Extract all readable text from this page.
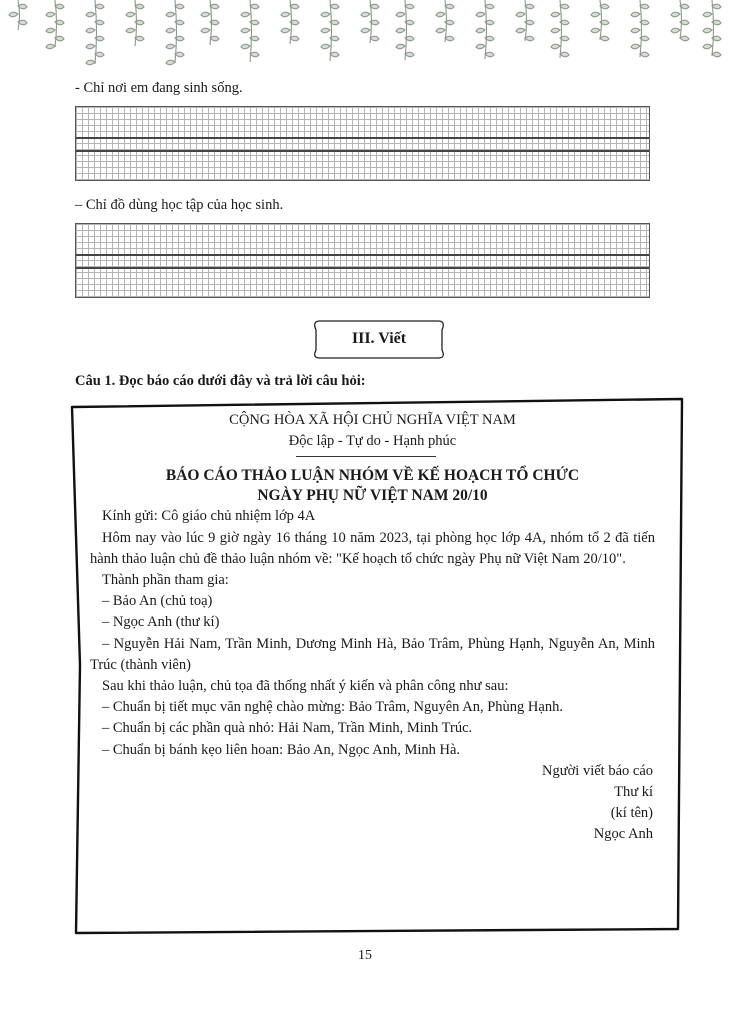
- Chỉ nơi em đang sinh sống.
– Chỉ đồ dùng học tập của học sinh.
III. Viết
Câu 1. Đọc báo cáo dưới đây và trả lời câu hỏi:
CỘNG HÒA XÃ HỘI CHỦ NGHĨA VIỆT NAM
Độc lập - Tự do - Hạnh phúc
BÁO CÁO THẢO LUẬN NHÓM VỀ KẾ HOẠCH TỔ CHỨC
NGÀY PHỤ NỮ VIỆT NAM 20/10
Kính gửi: Cô giáo chủ nhiệm lớp 4A
Hôm nay vào lúc 9 giờ ngày 16 tháng 10 năm 2023, tại phòng học lớp 4A, nhóm tổ 2 đã tiến hành thảo luận chủ đề thảo luận nhóm về: "Kế hoạch tổ chức ngày Phụ nữ Việt Nam 20/10".
Thành phần tham gia:
– Bảo An (chủ toạ)
– Ngọc Anh (thư kí)
– Nguyễn Hải Nam, Trần Minh, Dương Minh Hà, Bảo Trâm, Phùng Hạnh, Nguyễn An, Minh Trúc (thành viên)
Sau khi thảo luận, chủ tọa đã thống nhất ý kiến và phân công như sau:
– Chuẩn bị tiết mục văn nghệ chào mừng: Bảo Trâm, Nguyên An, Phùng Hạnh.
– Chuẩn bị các phần quà nhỏ: Hải Nam, Trần Minh, Minh Trúc.
– Chuẩn bị bánh kẹo liên hoan: Bảo An, Ngọc Anh, Minh Hà.
Người viết báo cáo
Thư kí
(kí tên)
Ngọc Anh
15
